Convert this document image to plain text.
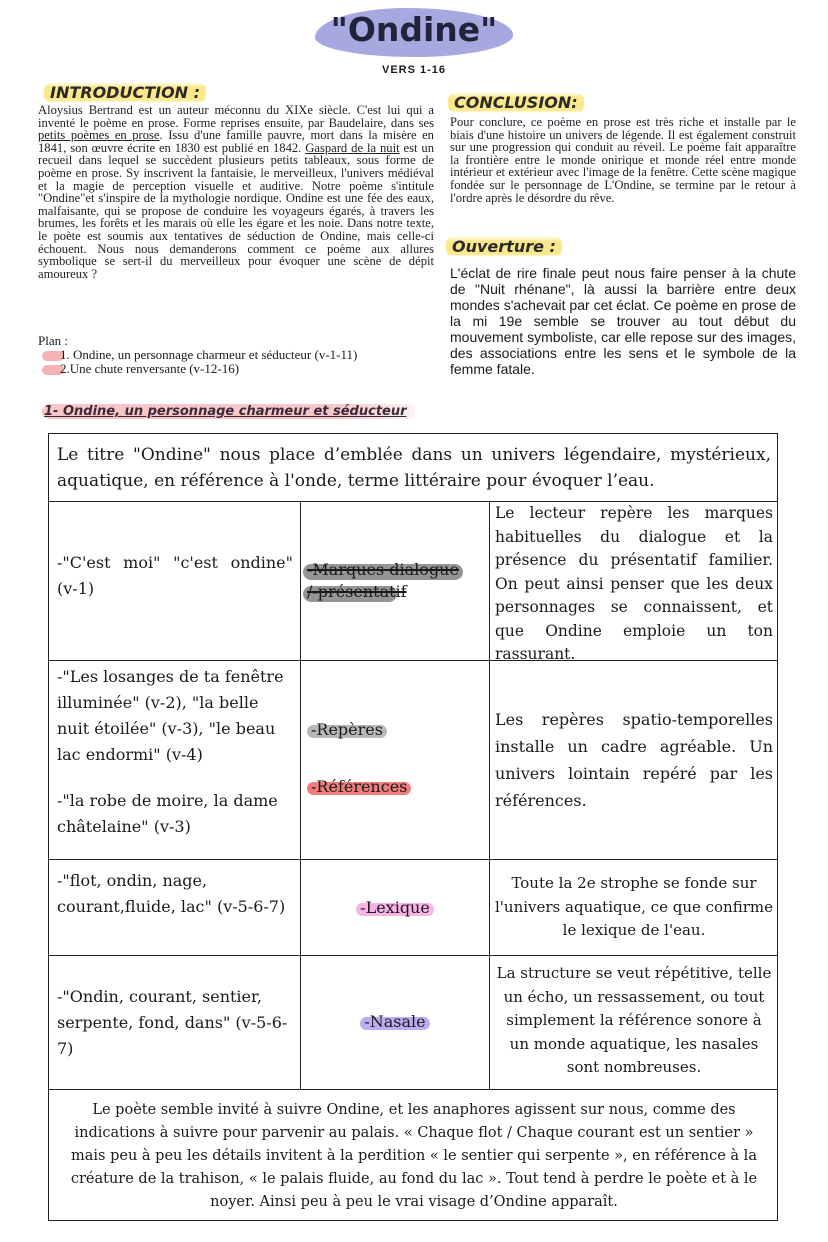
"Ondine"
VERS 1-16
INTRODUCTION :
Aloysius Bertrand est un auteur méconnu du XIXe siècle. C'est lui qui a inventé le poème en prose. Forme reprises ensuite, par Baudelaire, dans ses petits poèmes en prose. Issu d'une famille pauvre, mort dans la misère en 1841, son œuvre écrite en 1830 est publié en 1842. Gaspard de la nuit est un recueil dans lequel se succèdent plusieurs petits tableaux, sous forme de poème en prose. Sy inscrivent la fantaisie, le merveilleux, l'univers médiéval et la magie de perception visuelle et auditive. Notre poème s'intitule "Ondine"et s'inspire de la mythologie nordique. Ondine est une fée des eaux, malfaisante, qui se propose de conduire les voyageurs égarés, à travers les brumes, les forêts et les marais où elle les égare et les noie. Dans notre texte, le poète est soumis aux tentatives de séduction de Ondine, mais celle-ci échouent. Nous nous demanderons comment ce poème aux allures symbolique se sert-il du merveilleux pour évoquer une scène de dépit amoureux ?
Plan :
1. Ondine, un personnage charmeur et séducteur (v-1-11)
2.Une chute renversante (v-12-16)
CONCLUSION:
Pour conclure, ce poème en prose est très riche et installe par le biais d'une histoire un univers de légende. Il est également construit sur une progression qui conduit au réveil. Le poème fait apparaître la frontière entre le monde onirique et monde réel entre monde intérieur et extérieur avec l'image de la fenêtre. Cette scène magique fondée sur le personnage de L'Ondine, se termine par le retour à l'ordre après le désordre du rêve.
Ouverture :
L'éclat de rire finale peut nous faire penser à la chute de "Nuit rhénane", là aussi la barrière entre deux mondes s'achevait par cet éclat. Ce poème en prose de la mi 19e semble se trouver au tout début du mouvement symboliste, car elle repose sur des images, des associations entre les sens et le symbole de la femme fatale.
1- Ondine, un personnage charmeur et séducteur
Le titre "Ondine" nous place d’emblée dans un univers légendaire, mystérieux, aquatique, en référence à l'onde, terme littéraire pour évoquer l’eau.
-"C'est moi" "c'est ondine" (v-1)
-Marques dialogue

/-présentatif
Le lecteur repère les marques habituelles du dialogue et la présence du présentatif familier. On peut ainsi penser que les deux personnages se connaissent, et que Ondine emploie un ton rassurant.
-"Les losanges de ta fenêtre illuminée" (v-2), "la belle nuit étoilée" (v-3), "le beau lac endormi" (v-4)
-"la robe de moire, la dame châtelaine" (v-3)
-Repères
-Références
Les repères spatio-temporelles installe un cadre agréable. Un univers lointain repéré par les références.
-"flot, ondin, nage, courant,fluide, lac" (v-5-6-7)	-Lexique
Toute la 2e strophe se fonde sur l'univers aquatique, ce que confirme le lexique de l'eau.
-"Ondin, courant, sentier, serpente, fond, dans" (v-5-6-7)
-Nasale
La structure se veut répétitive, telle un écho, un ressassement, ou tout simplement la référence sonore à un monde aquatique, les nasales sont nombreuses.
Le poète semble invité à suivre Ondine, et les anaphores agissent sur nous, comme des indications à suivre pour parvenir au palais. « Chaque flot / Chaque courant est un sentier » mais peu à peu les détails invitent à la perdition « le sentier qui serpente », en référence à la créature de la trahison, « le palais fluide, au fond du lac ». Tout tend à perdre le poète et à le noyer. Ainsi peu à peu le vrai visage d’Ondine apparaît.
